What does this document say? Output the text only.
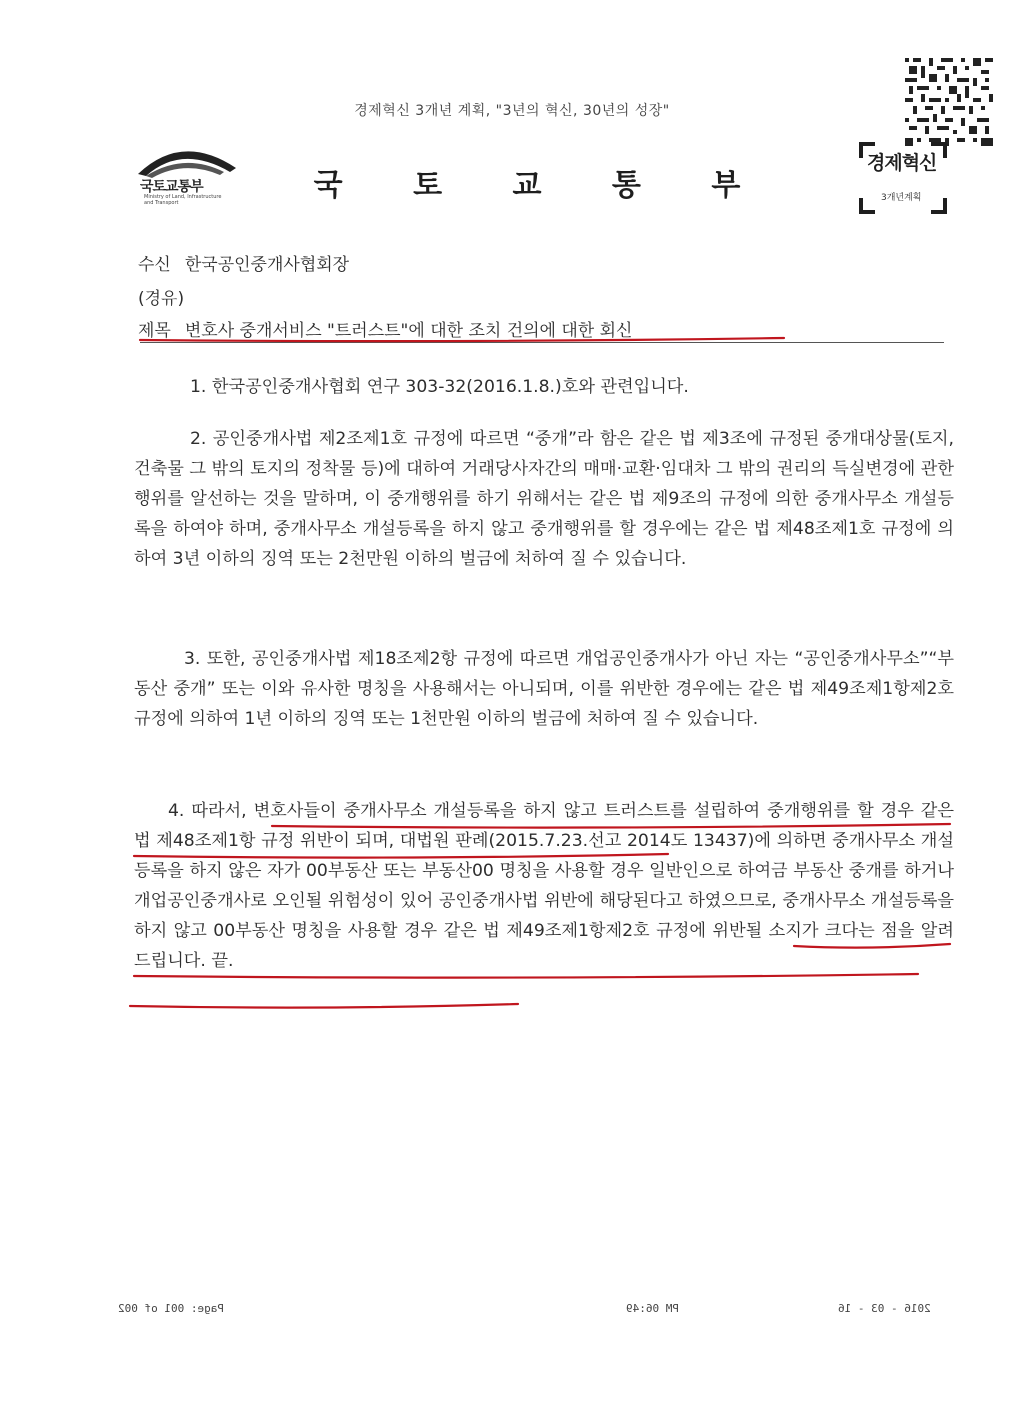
경제혁신 3개년 계획, "3년의 혁신, 30년의 성장"
국토교통부
Ministry of Land, Infrastructure and Transport	국 토 교 통 부
경제혁신
3개년계획
수신 한국공인중개사협회장
(경유)
제목 변호사 중개서비스 "트러스트"에 대한 조치 건의에 대한 회신
1. 한국공인중개사협회 연구 303-32(2016.1.8.)호와 관련입니다.
2. 공인중개사법 제2조제1호 규정에 따르면 “중개”라 함은 같은 법 제3조에 규정된 중개대상물(토지, 건축물 그 밖의 토지의 정착물 등)에 대하여 거래당사자간의 매매·교환·임대차 그 밖의 권리의 득실변경에 관한 행위를 알선하는 것을 말하며, 이 중개행위를 하기 위해서는 같은 법 제9조의 규정에 의한 중개사무소 개설등록을 하여야 하며, 중개사무소 개설등록을 하지 않고 중개행위를 할 경우에는 같은 법 제48조제1호 규정에 의하여 3년 이하의 징역 또는 2천만원 이하의 벌금에 처하여 질 수 있습니다.
3. 또한, 공인중개사법 제18조제2항 규정에 따르면 개업공인중개사가 아닌 자는 “공인중개사무소”“부동산 중개” 또는 이와 유사한 명칭을 사용해서는 아니되며, 이를 위반한 경우에는 같은 법 제49조제1항제2호 규정에 의하여 1년 이하의 징역 또는 1천만원 이하의 벌금에 처하여 질 수 있습니다.
4. 따라서, 변호사들이 중개사무소 개설등록을 하지 않고 트러스트를 설립하여 중개행위를 할 경우 같은 법 제48조제1항 규정 위반이 되며, 대법원 판례(2015.7.23.선고 2014도 13437)에 의하면 중개사무소 개설등록을 하지 않은 자가 00부동산 또는 부동산00 명칭을 사용할 경우 일반인으로 하여금 부동산 중개를 하거나 개업공인중개사로 오인될 위험성이 있어 공인중개사법 위반에 해당된다고 하였으므로, 중개사무소 개설등록을 하지 않고 00부동산 명칭을 사용할 경우 같은 법 제49조제1항제2호 규정에 위반될 소지가 크다는 점을 알려드립니다. 끝.
Page: 001 of 002	PM 06:49	2016 - 03 - 16
